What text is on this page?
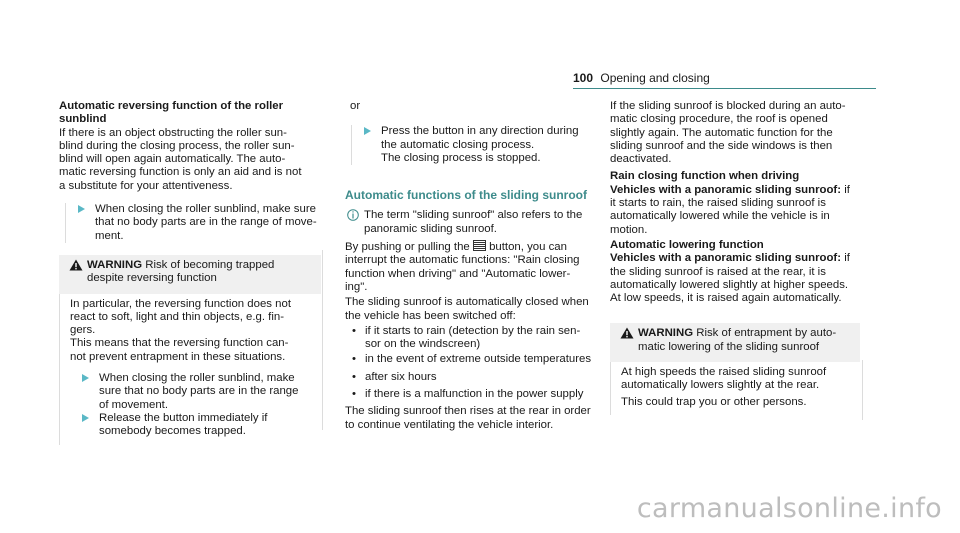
100 Opening and closing
Automatic reversing function of the roller
sunblind
If there is an object obstructing the roller sun-
blind during the closing process, the roller sun-
blind will open again automatically. The auto-
matic reversing function is only an aid and is not
a substitute for your attentiveness.
When closing the roller sunblind, make sure
that no body parts are in the range of move-
ment.
WARNING Risk of becoming trapped
despite reversing function
In particular, the reversing function does not
react to soft, light and thin objects, e.g. fin-
gers.
This means that the reversing function can-
not prevent entrapment in these situations.
When closing the roller sunblind, make
sure that no body parts are in the range
of movement.
Release the button immediately if
somebody becomes trapped.
or
Press the button in any direction during
the automatic closing process.
The closing process is stopped.
Automatic functions of the sliding sunroof
The term "sliding sunroof" also refers to the
panoramic sliding sunroof.
By pushing or pulling the  button, you can
interrupt the automatic functions: "Rain closing
function when driving" and "Automatic lower-
ing".
The sliding sunroof is automatically closed when
the vehicle has been switched off:
• if it starts to rain (detection by the rain sen-
sor on the windscreen)
• in the event of extreme outside temperatures
• after six hours
• if there is a malfunction in the power supply
The sliding sunroof then rises at the rear in order
to continue ventilating the vehicle interior.
If the sliding sunroof is blocked during an auto-
matic closing procedure, the roof is opened
slightly again. The automatic function for the
sliding sunroof and the side windows is then
deactivated.
Rain closing function when driving
Vehicles with a panoramic sliding sunroof: if
it starts to rain, the raised sliding sunroof is
automatically lowered while the vehicle is in
motion.
Automatic lowering function
Vehicles with a panoramic sliding sunroof: if
the sliding sunroof is raised at the rear, it is
automatically lowered slightly at higher speeds.
At low speeds, it is raised again automatically.
WARNING Risk of entrapment by auto-
matic lowering of the sliding sunroof
At high speeds the raised sliding sunroof
automatically lowers slightly at the rear.
This could trap you or other persons.
carmanualsonline.info
